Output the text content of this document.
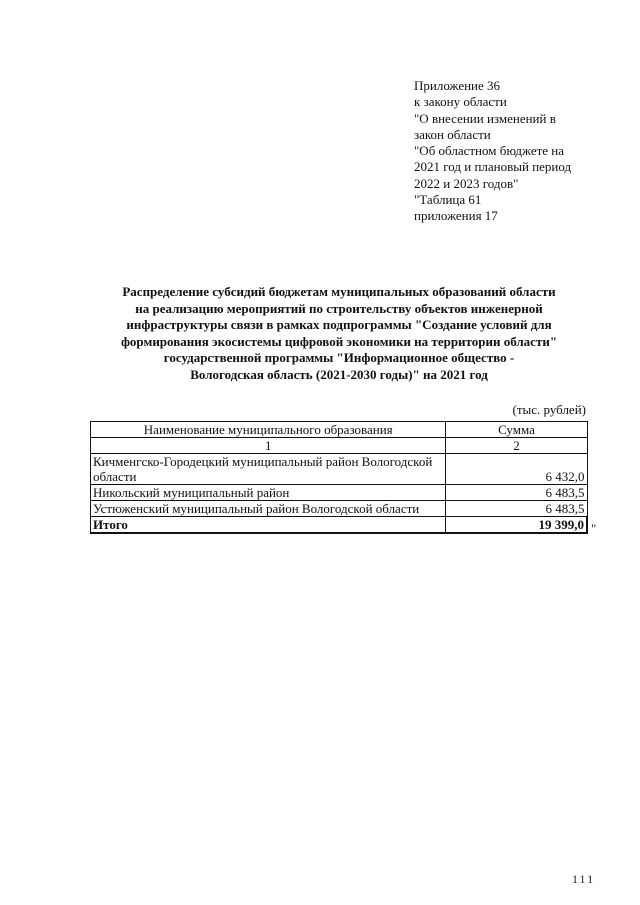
Приложение 36
к закону области
"О внесении изменений в
закон области
"Об областном бюджете на
2021 год и плановый период
2022 и 2023 годов"
"Таблица 61
приложения 17
Распределение субсидий бюджетам муниципальных образований области
на реализацию мероприятий по строительству объектов инженерной
инфраструктуры связи в рамках подпрограммы "Создание условий для
формирования экосистемы цифровой экономики на территории области"
государственной программы "Информационное общество -
Вологодская область (2021-2030 годы)" на 2021 год
(тыс. рублей)
Наименование муниципального образования	Сумма
1	2
Кичменгско-Городецкий муниципальный район Вологодской
области	6 432,0
Никольский муниципальный район	6 483,5
Устюженский муниципальный район Вологодской области	6 483,5
Итого	19 399,0 "
111
